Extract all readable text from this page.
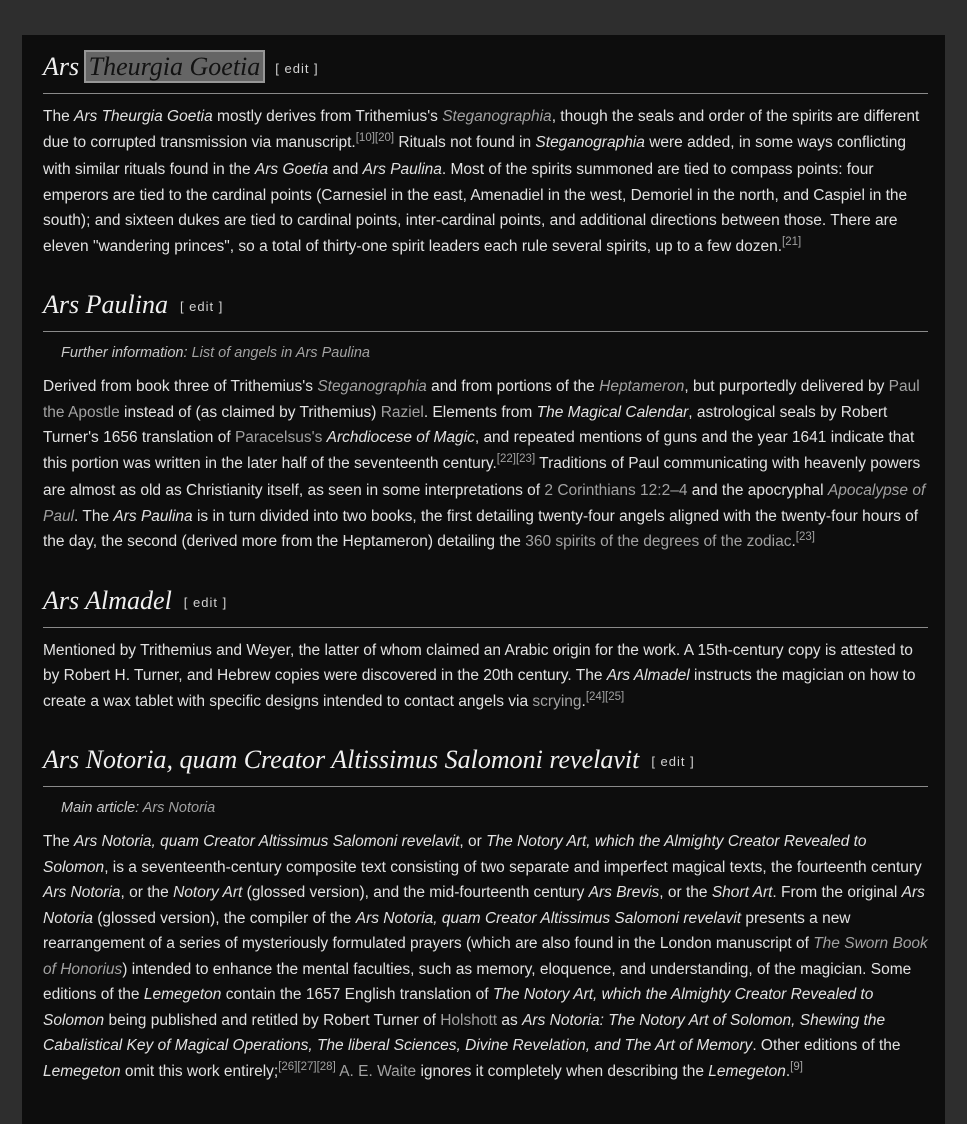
Ars Theurgia Goetia [ edit ]

The Ars Theurgia Goetia mostly derives from Trithemius's Steganographia, though the seals and order of the spirits are different due to corrupted transmission via manuscript.[10][20] Rituals not found in Steganographia were added, in some ways conflicting with similar rituals found in the Ars Goetia and Ars Paulina. Most of the spirits summoned are tied to compass points: four emperors are tied to the cardinal points (Carnesiel in the east, Amenadiel in the west, Demoriel in the north, and Caspiel in the south); and sixteen dukes are tied to cardinal points, inter-cardinal points, and additional directions between those. There are eleven "wandering princes", so a total of thirty-one spirit leaders each rule several spirits, up to a few dozen.[21]

Ars Paulina [ edit ]
Further information: List of angels in Ars Paulina

Derived from book three of Trithemius's Steganographia and from portions of the Heptameron, but purportedly delivered by Paul the Apostle instead of (as claimed by Trithemius) Raziel. Elements from The Magical Calendar, astrological seals by Robert Turner's 1656 translation of Paracelsus's Archdiocese of Magic, and repeated mentions of guns and the year 1641 indicate that this portion was written in the later half of the seventeenth century.[22][23] Traditions of Paul communicating with heavenly powers are almost as old as Christianity itself, as seen in some interpretations of 2 Corinthians 12:2–4 and the apocryphal Apocalypse of Paul. The Ars Paulina is in turn divided into two books, the first detailing twenty-four angels aligned with the twenty-four hours of the day, the second (derived more from the Heptameron) detailing the 360 spirits of the degrees of the zodiac.[23]

Ars Almadel [ edit ]

Mentioned by Trithemius and Weyer, the latter of whom claimed an Arabic origin for the work. A 15th-century copy is attested to by Robert H. Turner, and Hebrew copies were discovered in the 20th century. The Ars Almadel instructs the magician on how to create a wax tablet with specific designs intended to contact angels via scrying.[24][25]

Ars Notoria, quam Creator Altissimus Salomoni revelavit [ edit ]
Main article: Ars Notoria

The Ars Notoria, quam Creator Altissimus Salomoni revelavit, or The Notory Art, which the Almighty Creator Revealed to Solomon, is a seventeenth-century composite text consisting of two separate and imperfect magical texts, the fourteenth century Ars Notoria, or the Notory Art (glossed version), and the mid-fourteenth century Ars Brevis, or the Short Art. From the original Ars Notoria (glossed version), the compiler of the Ars Notoria, quam Creator Altissimus Salomoni revelavit presents a new rearrangement of a series of mysteriously formulated prayers (which are also found in the London manuscript of The Sworn Book of Honorius) intended to enhance the mental faculties, such as memory, eloquence, and understanding, of the magician. Some editions of the Lemegeton contain the 1657 English translation of The Notory Art, which the Almighty Creator Revealed to Solomon being published and retitled by Robert Turner of Holshott as Ars Notoria: The Notory Art of Solomon, Shewing the Cabalistical Key of Magical Operations, The liberal Sciences, Divine Revelation, and The Art of Memory. Other editions of the Lemegeton omit this work entirely;[26][27][28] A. E. Waite ignores it completely when describing the Lemegeton.[9]
